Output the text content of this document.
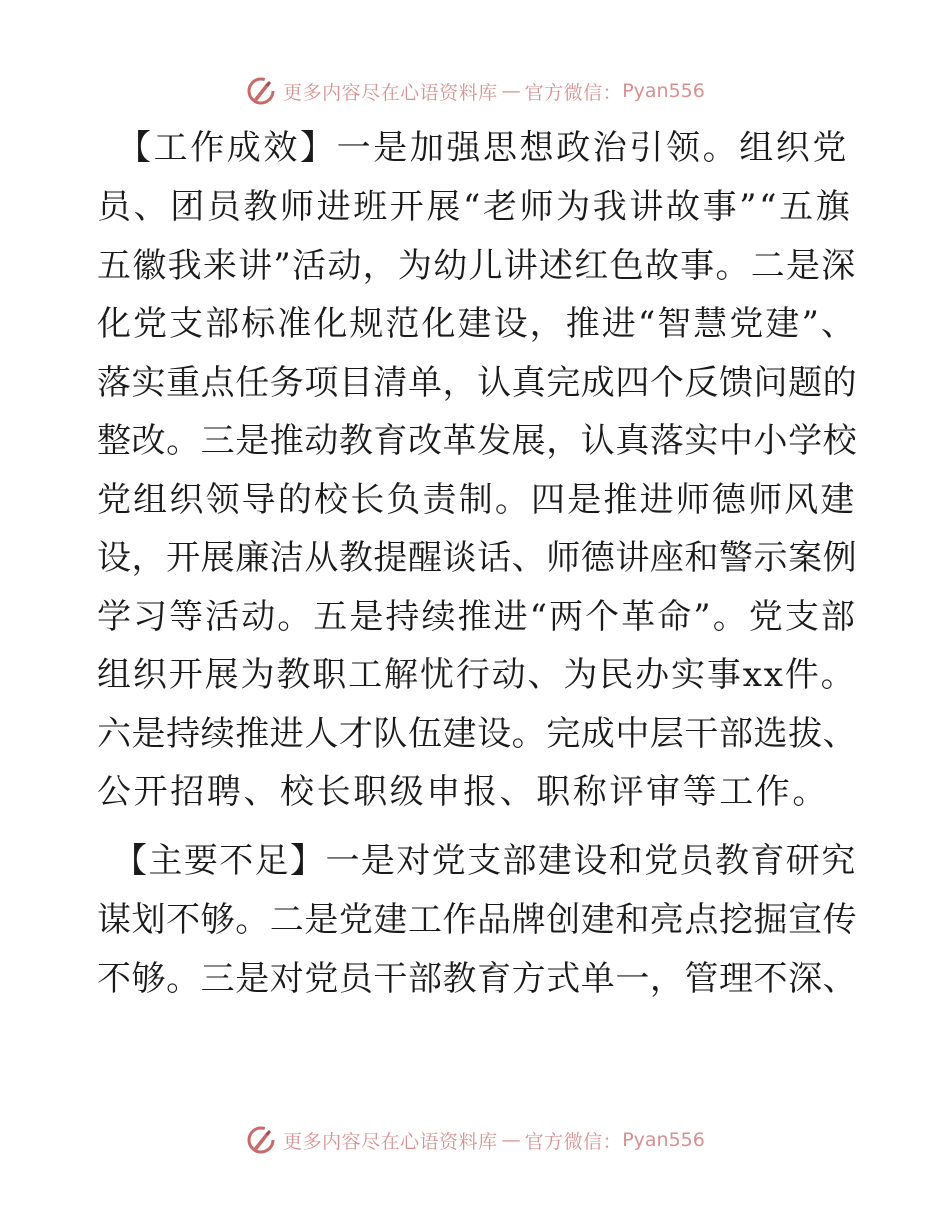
更多内容尽在心语资料库 — 官方微信： Pyan556
【工作成效】一是加强思想政治引领。组织党
员、团员教师进班开展“老师为我讲故事”“五旗
五徽我来讲”活动，为幼儿讲述红色故事。二是深
化党支部标准化规范化建设，推进“智慧党建”、
落实重点任务项目清单，认真完成四个反馈问题的
整改。三是推动教育改革发展，认真落实中小学校
党组织领导的校长负责制。四是推进师德师风建
设，开展廉洁从教提醒谈话、师德讲座和警示案例
学习等活动。五是持续推进“两个革命”。党支部
组织开展为教职工解忧行动、为民办实事xx件。
六是持续推进人才队伍建设。完成中层干部选拔、
公开招聘、校长职级申报、职称评审等工作。
【主要不足】一是对党支部建设和党员教育研究
谋划不够。二是党建工作品牌创建和亮点挖掘宣传
不够。三是对党员干部教育方式单一，管理不深、
更多内容尽在心语资料库 — 官方微信： Pyan556
